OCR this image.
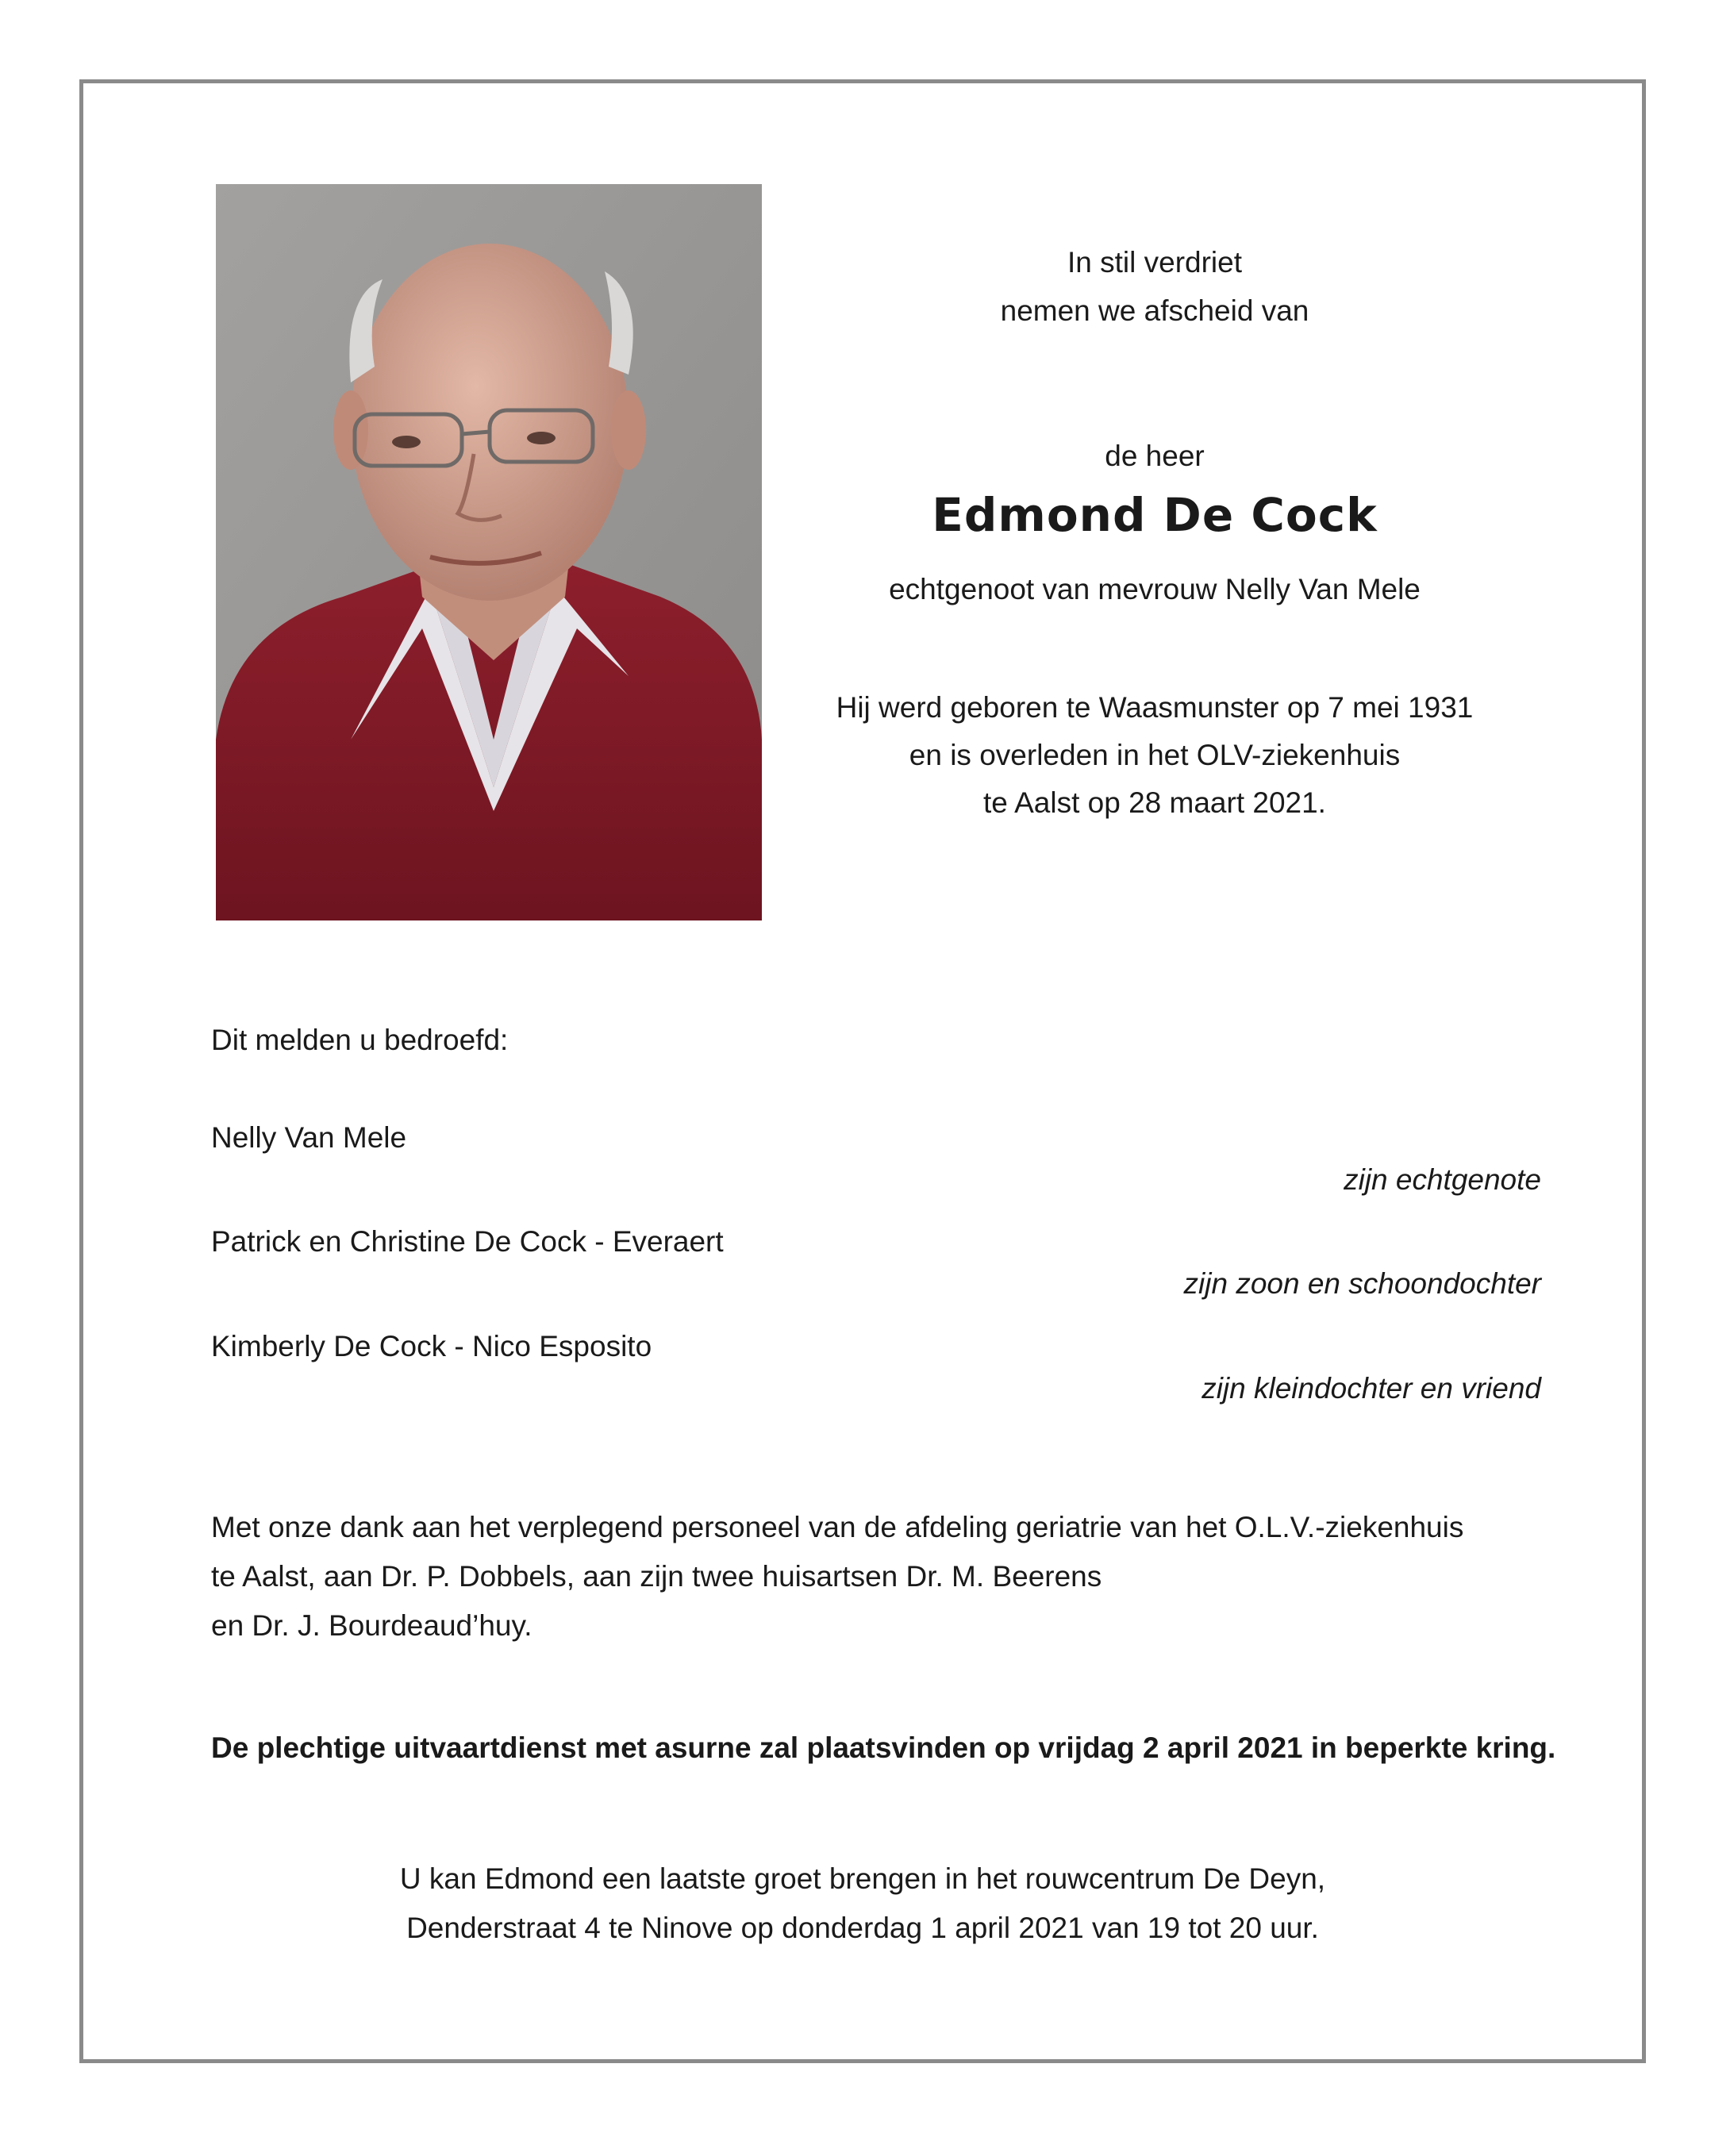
In stil verdriet
nemen we afscheid van
de heer
Edmond De Cock
echtgenoot van mevrouw Nelly Van Mele
Hij werd geboren te Waasmunster op 7 mei 1931
en is overleden in het OLV-ziekenhuis
te Aalst op 28 maart 2021.
Dit melden u bedroefd:
Nelly Van Mele
zijn echtgenote
Patrick en Christine De Cock - Everaert
zijn zoon en schoondochter
Kimberly De Cock - Nico Esposito
zijn kleindochter en vriend
Met onze dank aan het verplegend personeel van de afdeling geriatrie van het O.L.V.-ziekenhuis
te Aalst, aan Dr. P. Dobbels, aan zijn twee huisartsen Dr. M. Beerens
en Dr. J. Bourdeaud’huy.
De plechtige uitvaartdienst met asurne zal plaatsvinden op vrijdag 2 april 2021 in beperkte kring.
U kan Edmond een laatste groet brengen in het rouwcentrum De Deyn,
Denderstraat 4 te Ninove op donderdag 1 april 2021 van 19 tot 20 uur.
